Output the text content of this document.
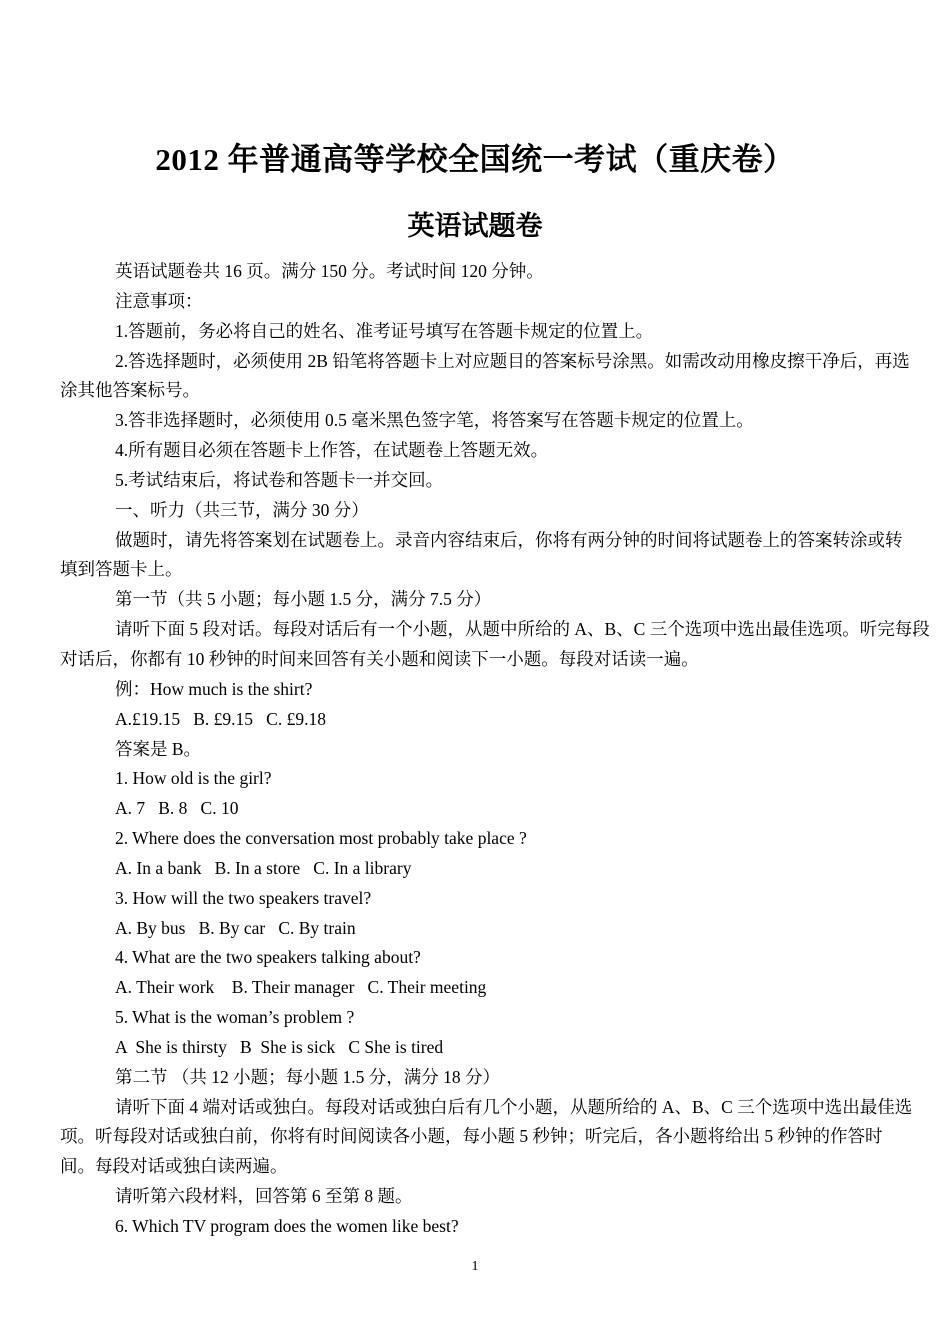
2012 年普通高等学校全国统一考试（重庆卷）
英语试题卷
英语试题卷共 16 页。满分 150 分。考试时间 120 分钟。
注意事项：
1.答题前，务必将自己的姓名、准考证号填写在答题卡规定的位置上。
2.答选择题时，必须使用 2B 铅笔将答题卡上对应题目的答案标号涂黑。如需改动用橡皮擦干净后，再选
涂其他答案标号。
3.答非选择题时，必须使用 0.5 毫米黑色签字笔，将答案写在答题卡规定的位置上。
4.所有题目必须在答题卡上作答，在试题卷上答题无效。
5.考试结束后，将试卷和答题卡一并交回。
一、听力（共三节，满分 30 分）
做题时，请先将答案划在试题卷上。录音内容结束后，你将有两分钟的时间将试题卷上的答案转涂或转
填到答题卡上。
第一节（共 5 小题；每小题 1.5 分，满分 7.5 分）
请听下面 5 段对话。每段对话后有一个小题，从题中所给的 A、B、C 三个选项中选出最佳选项。听完每段
对话后，你都有 10 秒钟的时间来回答有关小题和阅读下一小题。每段对话读一遍。
例：How much is the shirt?
A.£19.15   B. £9.15   C. £9.18
答案是 B。
1. How old is the girl?
A. 7   B. 8   C. 10
2. Where does the conversation most probably take place ?
A. In a bank   B. In a store   C. In a library
3. How will the two speakers travel?
A. By bus   B. By car   C. By train
4. What are the two speakers talking about?
A. Their work    B. Their manager   C. Their meeting
5. What is the woman’s problem ?
A  She is thirsty   B  She is sick   C She is tired
第二节 （共 12 小题；每小题 1.5 分，满分 18 分）
请听下面 4 端对话或独白。每段对话或独白后有几个小题，从题所给的 A、B、C 三个选项中选出最佳选
项。听每段对话或独白前，你将有时间阅读各小题，每小题 5 秒钟；听完后，各小题将给出 5 秒钟的作答时
间。每段对话或独白读两遍。
请听第六段材料，回答第 6 至第 8 题。
6. Which TV program does the women like best?
1
